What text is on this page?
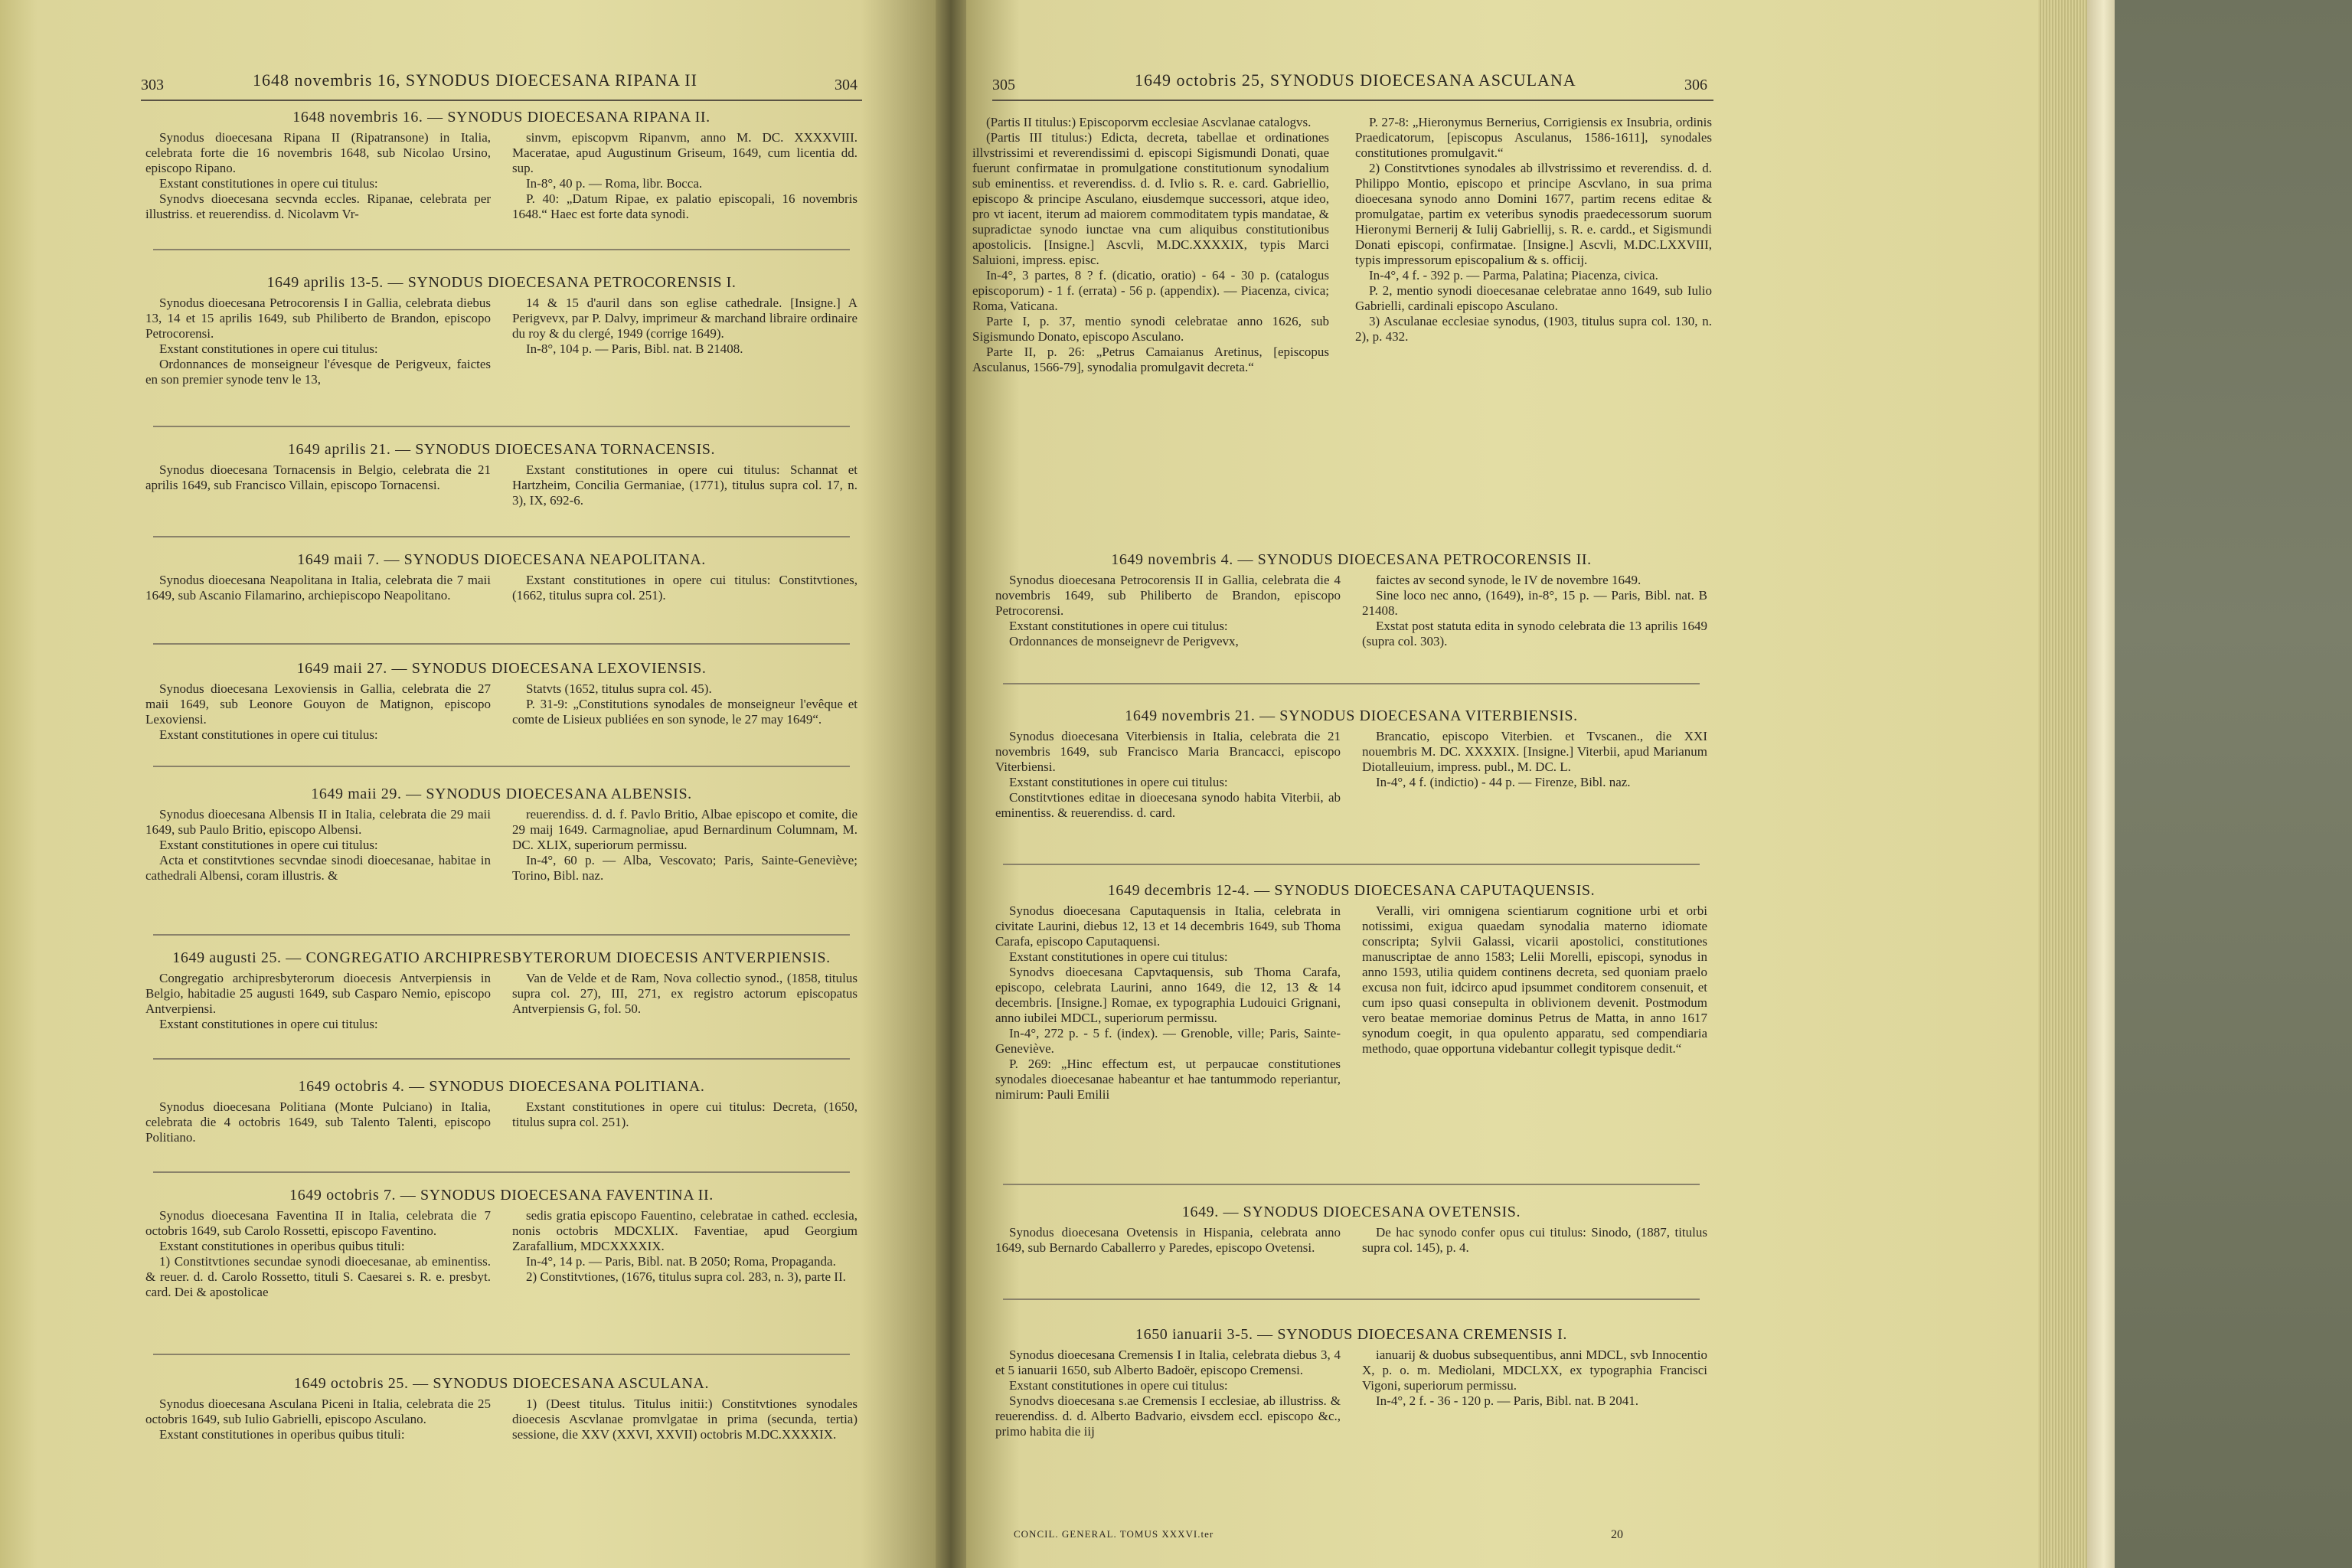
303	1648 novembris 16, SYNODUS DIOECESANA RIPANA II	304
1648 novembris 16. — SYNODUS DIOECESANA RIPANA II.

Synodus dioecesana Ripana II (Ripatransone) in Italia, celebrata forte die 16 novembris 1648, sub Nicolao Ursino, episcopo Ripano.

Exstant constitutiones in opere cui titulus:

Synodvs dioecesana secvnda eccles. Ripanae, celebrata per illustriss. et reuerendiss. d. Nicolavm Vr-

sinvm, episcopvm Ripanvm, anno M. DC. XXXXVIII. Maceratae, apud Augustinum Griseum, 1649, cum licentia dd. sup.

In-8°, 40 p. — Roma, libr. Bocca.

P. 40: „Datum Ripae, ex palatio episcopali, 16 novembris 1648.“ Haec est forte data synodi.

1649 aprilis 13-5. — SYNODUS DIOECESANA PETROCORENSIS I.

Synodus dioecesana Petrocorensis I in Gallia, celebrata diebus 13, 14 et 15 aprilis 1649, sub Philiberto de Brandon, episcopo Petrocorensi.

Exstant constitutiones in opere cui titulus:

Ordonnances de monseigneur l'évesque de Perigveux, faictes en son premier synode tenv le 13,

14 & 15 d'auril dans son eglise cathedrale. [Insigne.] A Perigvevx, par P. Dalvy, imprimeur & marchand libraire ordinaire du roy & du clergé, 1949 (corrige 1649).

In-8°, 104 p. — Paris, Bibl. nat. B 21408.

1649 aprilis 21. — SYNODUS DIOECESANA TORNACENSIS.

Synodus dioecesana Tornacensis in Belgio, celebrata die 21 aprilis 1649, sub Francisco Villain, episcopo Tornacensi.

Exstant constitutiones in opere cui titulus: Schannat et Hartzheim, Concilia Germaniae, (1771), titulus supra col. 17, n. 3), IX, 692-6.

1649 maii 7. — SYNODUS DIOECESANA NEAPOLITANA.

Synodus dioecesana Neapolitana in Italia, celebrata die 7 maii 1649, sub Ascanio Filamarino, archiepiscopo Neapolitano.

Exstant constitutiones in opere cui titulus: Constitvtiones, (1662, titulus supra col. 251).

1649 maii 27. — SYNODUS DIOECESANA LEXOVIENSIS.

Synodus dioecesana Lexoviensis in Gallia, celebrata die 27 maii 1649, sub Leonore Gouyon de Matignon, episcopo Lexoviensi.

Exstant constitutiones in opere cui titulus:

Statvts (1652, titulus supra col. 45).

P. 31-9: „Constitutions synodales de monseigneur l'evêque et comte de Lisieux publiées en son synode, le 27 may 1649“.

1649 maii 29. — SYNODUS DIOECESANA ALBENSIS.

Synodus dioecesana Albensis II in Italia, celebrata die 29 maii 1649, sub Paulo Britio, episcopo Albensi.

Exstant constitutiones in opere cui titulus:

Acta et constitvtiones secvndae sinodi dioecesanae, habitae in cathedrali Albensi, coram illustris. &

reuerendiss. d. d. f. Pavlo Britio, Albae episcopo et comite, die 29 maij 1649. Carmagnoliae, apud Bernardinum Columnam, M. DC. XLIX, superiorum permissu.

In-4°, 60 p. — Alba, Vescovato; Paris, Sainte-Geneviève; Torino, Bibl. naz.

1649 augusti 25. — CONGREGATIO ARCHIPRESBYTERORUM DIOECESIS ANTVERPIENSIS.

Congregatio archipresbyterorum dioecesis Antverpiensis in Belgio, habitadie 25 augusti 1649, sub Casparo Nemio, episcopo Antverpiensi.

Exstant constitutiones in opere cui titulus:

Van de Velde et de Ram, Nova collectio synod., (1858, titulus supra col. 27), III, 271, ex registro actorum episcopatus Antverpiensis G, fol. 50.

1649 octobris 4. — SYNODUS DIOECESANA POLITIANA.

Synodus dioecesana Politiana (Monte Pulciano) in Italia, celebrata die 4 octobris 1649, sub Talento Talenti, episcopo Politiano.

Exstant constitutiones in opere cui titulus: Decreta, (1650, titulus supra col. 251).

1649 octobris 7. — SYNODUS DIOECESANA FAVENTINA II.

Synodus dioecesana Faventina II in Italia, celebrata die 7 octobris 1649, sub Carolo Rossetti, episcopo Faventino.

Exstant constitutiones in operibus quibus tituli:

1) Constitvtiones secundae synodi dioecesanae, ab eminentiss. & reuer. d. d. Carolo Rossetto, tituli S. Caesarei s. R. e. presbyt. card. Dei & apostolicae

sedis gratia episcopo Fauentino, celebratae in cathed. ecclesia, nonis octobris MDCXLIX. Faventiae, apud Georgium Zarafallium, MDCXXXXIX.

In-4°, 14 p. — Paris, Bibl. nat. B 2050; Roma, Propaganda.

2) Constitvtiones, (1676, titulus supra col. 283, n. 3), parte II.

1649 octobris 25. — SYNODUS DIOECESANA ASCULANA.

Synodus dioecesana Asculana Piceni in Italia, celebrata die 25 octobris 1649, sub Iulio Gabrielli, episcopo Asculano.

Exstant constitutiones in operibus quibus tituli:

1) (Deest titulus. Titulus initii:) Constitvtiones synodales dioecesis Ascvlanae promvlgatae in prima (secunda, tertia) sessione, die XXV (XXVI, XXVII) octobris M.DC.XXXXIX.

305	1649 octobris 25, SYNODUS DIOECESANA ASCULANA	306

(Partis II titulus:) Episcoporvm ecclesiae Ascvlanae catalogvs.

(Partis III titulus:) Edicta, decreta, tabellae et ordinationes illvstrissimi et reverendissimi d. episcopi Sigismundi Donati, quae fuerunt confirmatae in promulgatione constitutionum synodalium sub eminentiss. et reverendiss. d. d. Ivlio s. R. e. card. Gabriellio, episcopo & principe Asculano, eiusdemque successori, atque ideo, pro vt iacent, iterum ad maiorem commoditatem typis mandatae, & supradictae synodo iunctae vna cum aliquibus constitutionibus apostolicis. [Insigne.] Ascvli, M.DC.XXXXIX, typis Marci Saluioni, impress. episc.

In-4°, 3 partes, 8 ? f. (dicatio, oratio) - 64 - 30 p. (catalogus episcoporum) - 1 f. (errata) - 56 p. (appendix). — Piacenza, civica; Roma, Vaticana.

Parte I, p. 37, mentio synodi celebratae anno 1626, sub Sigismundo Donato, episcopo Asculano.

Parte II, p. 26: „Petrus Camaianus Aretinus, [episcopus Asculanus, 1566-79], synodalia promulgavit decreta.“

P. 27-8: „Hieronymus Bernerius, Corrigiensis ex Insubria, ordinis Praedicatorum, [episcopus Asculanus, 1586-1611], synodales constitutiones promulgavit.“

2) Constitvtiones synodales ab illvstrissimo et reverendiss. d. d. Philippo Montio, episcopo et principe Ascvlano, in sua prima dioecesana synodo anno Domini 1677, partim recens editae & promulgatae, partim ex veteribus synodis praedecessorum suorum Hieronymi Bernerij & Iulij Gabriellij, s. R. e. cardd., et Sigismundi Donati episcopi, confirmatae. [Insigne.] Ascvli, M.DC.LXXVIII, typis impressorum episcopalium & s. officij.

In-4°, 4 f. - 392 p. — Parma, Palatina; Piacenza, civica.

P. 2, mentio synodi dioecesanae celebratae anno 1649, sub Iulio Gabrielli, cardinali episcopo Asculano.

3) Asculanae ecclesiae synodus, (1903, titulus supra col. 130, n. 2), p. 432.

1649 novembris 4. — SYNODUS DIOECESANA PETROCORENSIS II.

Synodus dioecesana Petrocorensis II in Gallia, celebrata die 4 novembris 1649, sub Philiberto de Brandon, episcopo Petrocorensi.

Exstant constitutiones in opere cui titulus:

Ordonnances de monseignevr de Perigvevx,

faictes av second synode, le IV de novembre 1649.

Sine loco nec anno, (1649), in-8°, 15 p. — Paris, Bibl. nat. B 21408.

Exstat post statuta edita in synodo celebrata die 13 aprilis 1649 (supra col. 303).

1649 novembris 21. — SYNODUS DIOECESANA VITERBIENSIS.

Synodus dioecesana Viterbiensis in Italia, celebrata die 21 novembris 1649, sub Francisco Maria Brancacci, episcopo Viterbiensi.

Exstant constitutiones in opere cui titulus:

Constitvtiones editae in dioecesana synodo habita Viterbii, ab eminentiss. & reuerendiss. d. card.

Brancatio, episcopo Viterbien. et Tvscanen., die XXI nouembris M. DC. XXXXIX. [Insigne.] Viterbii, apud Marianum Diotalleuium, impress. publ., M. DC. L.

In-4°, 4 f. (indictio) - 44 p. — Firenze, Bibl. naz.

1649 decembris 12-4. — SYNODUS DIOECESANA CAPUTAQUENSIS.

Synodus dioecesana Caputaquensis in Italia, celebrata in civitate Laurini, diebus 12, 13 et 14 decembris 1649, sub Thoma Carafa, episcopo Caputaquensi.

Exstant constitutiones in opere cui titulus:

Synodvs dioecesana Capvtaquensis, sub Thoma Carafa, episcopo, celebrata Laurini, anno 1649, die 12, 13 & 14 decembris. [Insigne.] Romae, ex typographia Ludouici Grignani, anno iubilei MDCL, superiorum permissu.

In-4°, 272 p. - 5 f. (index). — Grenoble, ville; Paris, Sainte-Geneviève.

P. 269: „Hinc effectum est, ut perpaucae constitutiones synodales dioecesanae habeantur et hae tantummodo reperiantur, nimirum: Pauli Emilii

Veralli, viri omnigena scientiarum cognitione urbi et orbi notissimi, exigua quaedam synodalia materno idiomate conscripta; Sylvii Galassi, vicarii apostolici, constitutiones manuscriptae de anno 1583; Lelii Morelli, episcopi, synodus in anno 1593, utilia quidem continens decreta, sed quoniam praelo excusa non fuit, idcirco apud ipsummet conditorem consenuit, et cum ipso quasi consepulta in oblivionem devenit. Postmodum vero beatae memoriae dominus Petrus de Matta, in anno 1617 synodum coegit, in qua opulento apparatu, sed compendiaria methodo, quae opportuna videbantur collegit typisque dedit.“

1649. — SYNODUS DIOECESANA OVETENSIS.

Synodus dioecesana Ovetensis in Hispania, celebrata anno 1649, sub Bernardo Caballerro y Paredes, episcopo Ovetensi.

De hac synodo confer opus cui titulus: Sinodo, (1887, titulus supra col. 145), p. 4.

1650 ianuarii 3-5. — SYNODUS DIOECESANA CREMENSIS I.

Synodus dioecesana Cremensis I in Italia, celebrata diebus 3, 4 et 5 ianuarii 1650, sub Alberto Badoër, episcopo Cremensi.

Exstant constitutiones in opere cui titulus:

Synodvs dioecesana s.ae Cremensis I ecclesiae, ab illustriss. & reuerendiss. d. d. Alberto Badvario, eivsdem eccl. episcopo &c., primo habita die iij

ianuarij & duobus subsequentibus, anni MDCL, svb Innocentio X, p. o. m. Mediolani, MDCLXX, ex typographia Francisci Vigoni, superiorum permissu.

In-4°, 2 f. - 36 - 120 p. — Paris, Bibl. nat. B 2041.

CONCIL. GENERAL. TOMUS XXXVI.ter	20
